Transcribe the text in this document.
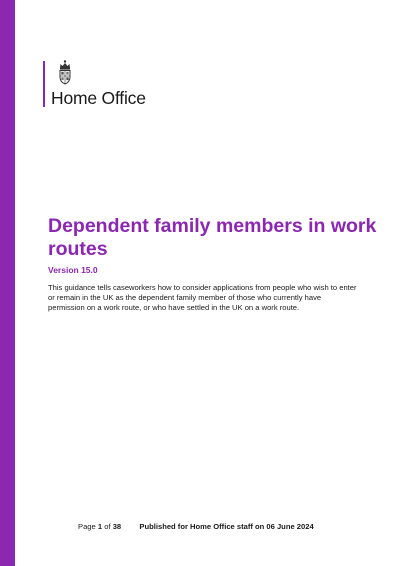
Home Office
Dependent family members in work routes

Version 15.0

This guidance tells caseworkers how to consider applications from people who wish to enter or remain in the UK as the dependent family member of those who currently have permission on a work route, or who have settled in the UK on a work route.

Page 1 of 38 Published for Home Office staff on 06 June 2024
